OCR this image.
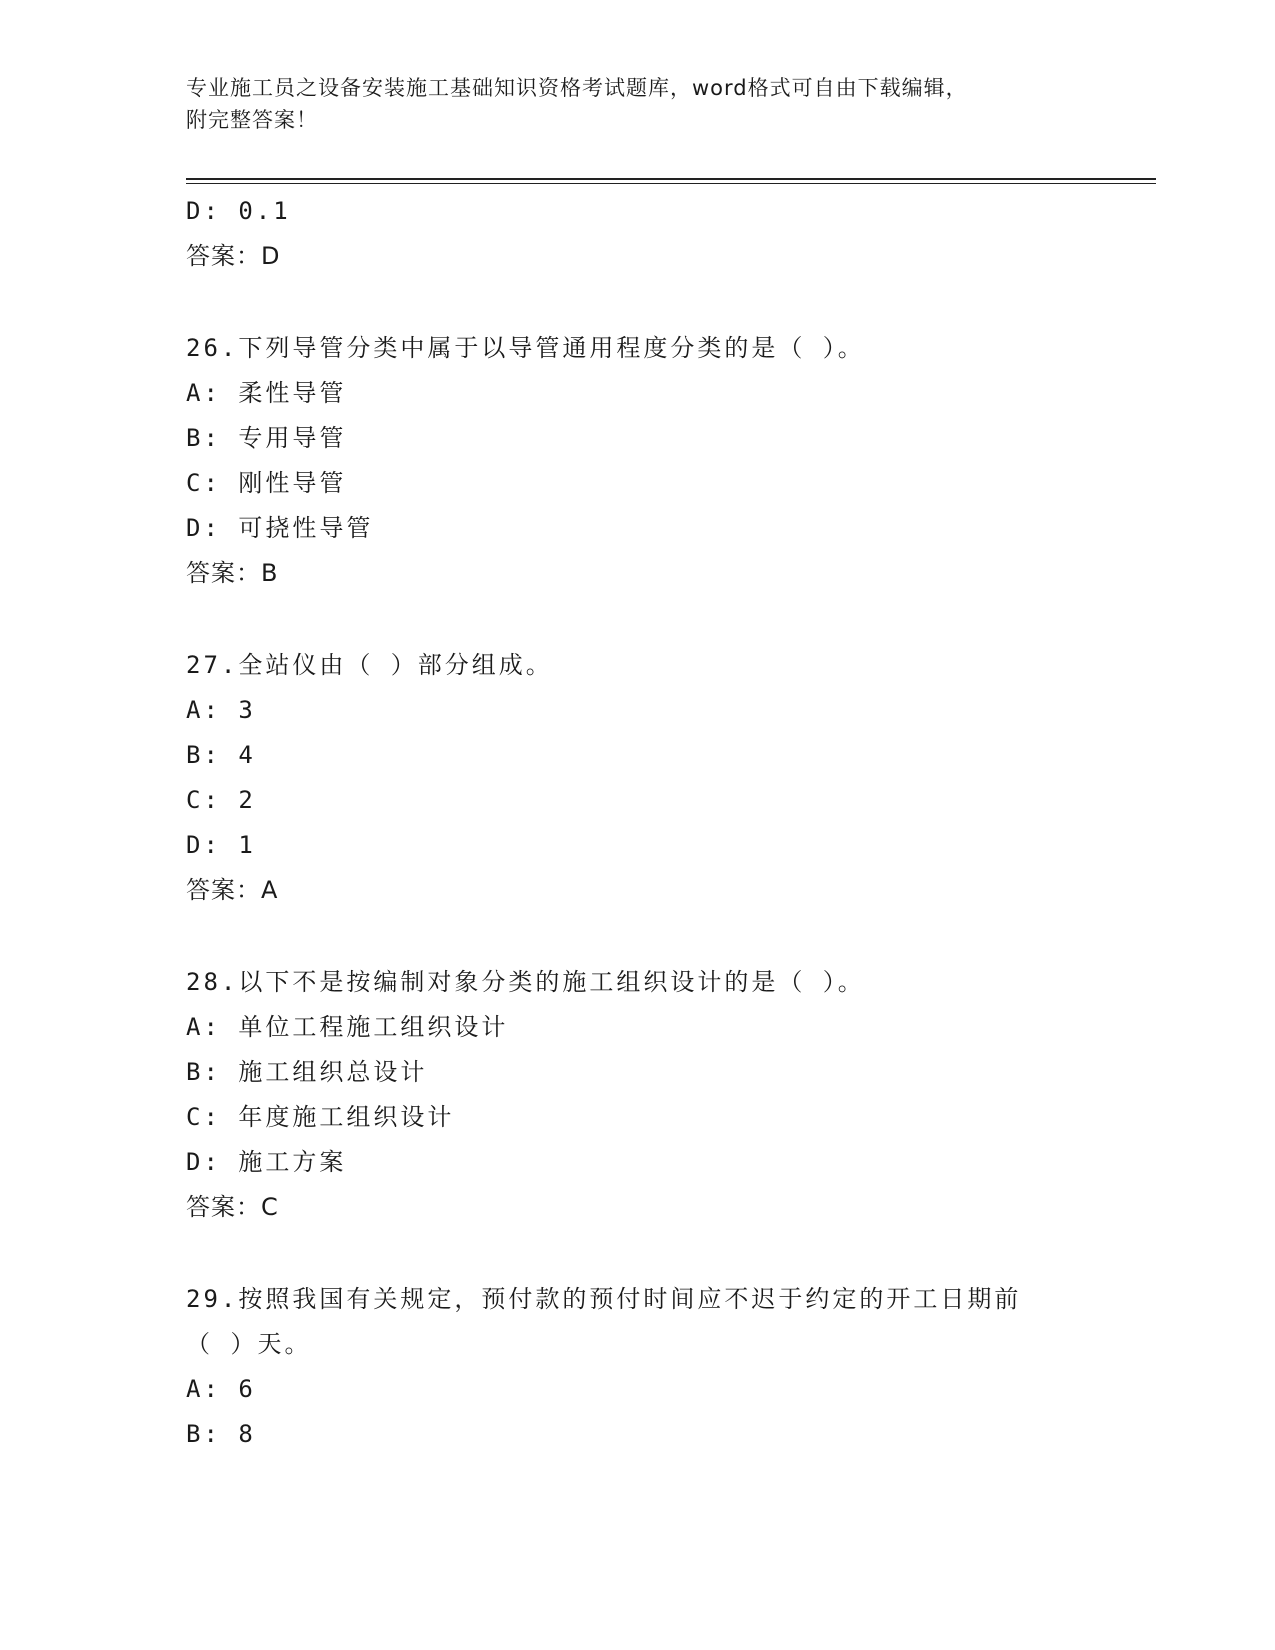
专业施工员之设备安装施工基础知识资格考试题库，word格式可自由下载编辑，
附完整答案！
D: 0.1
答案：D
26.下列导管分类中属于以导管通用程度分类的是（ ）。
A: 柔性导管
B: 专用导管
C: 刚性导管
D: 可挠性导管
答案：B
27.全站仪由（ ）部分组成。
A: 3
B: 4
C: 2
D: 1
答案：A
28.以下不是按编制对象分类的施工组织设计的是（ ）。
A: 单位工程施工组织设计
B: 施工组织总设计
C: 年度施工组织设计
D: 施工方案
答案：C
29.按照我国有关规定，预付款的预付时间应不迟于约定的开工日期前
（ ）天。
A: 6
B: 8
